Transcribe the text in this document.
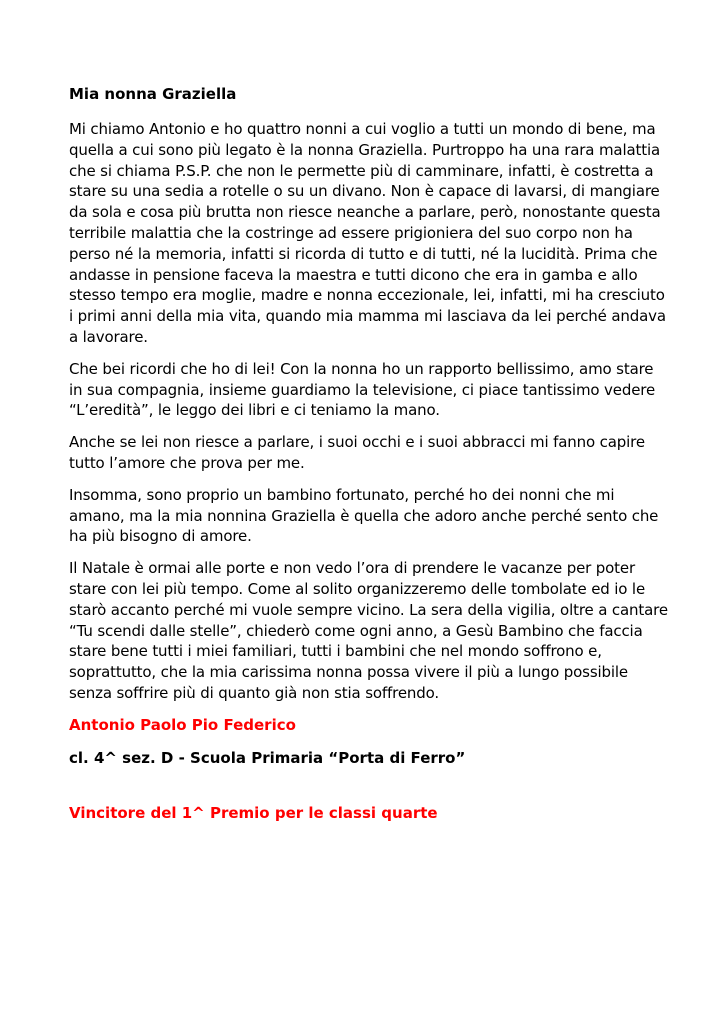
Mia nonna Graziella

Mi chiamo Antonio e ho quattro nonni a cui voglio a tutti un mondo di bene, ma quella a cui sono più legato è la nonna Graziella. Purtroppo ha una rara malattia che si chiama P.S.P. che non le permette più di camminare, infatti, è costretta a stare su una sedia a rotelle o su un divano. Non è capace di lavarsi, di mangiare da sola e cosa più brutta non riesce neanche a parlare, però, nonostante questa terribile malattia che la costringe ad essere prigioniera del suo corpo non ha perso né la memoria, infatti si ricorda di tutto e di tutti, né la lucidità. Prima che andasse in pensione faceva la maestra e tutti dicono che era in gamba e allo stesso tempo era moglie, madre e nonna eccezionale, lei, infatti, mi ha cresciuto i primi anni della mia vita, quando mia mamma mi lasciava da lei perché andava a lavorare.

Che bei ricordi che ho di lei! Con la nonna ho un rapporto bellissimo, amo stare in sua compagnia, insieme guardiamo la televisione, ci piace tantissimo vedere “L’eredità”, le leggo dei libri e ci teniamo la mano.

Anche se lei non riesce a parlare, i suoi occhi e i suoi abbracci mi fanno capire tutto l’amore che prova per me.

Insomma, sono proprio un bambino fortunato, perché ho dei nonni che mi amano, ma la mia nonnina Graziella è quella che adoro anche perché sento che ha più bisogno di amore.

Il Natale è ormai alle porte e non vedo l’ora di prendere le vacanze per poter stare con lei più tempo. Come al solito organizzeremo delle tombolate ed io le starò accanto perché mi vuole sempre vicino. La sera della vigilia, oltre a cantare “Tu scendi dalle stelle”, chiederò come ogni anno, a Gesù Bambino che faccia stare bene tutti i miei familiari, tutti i bambini che nel mondo soffrono e, soprattutto, che la mia carissima nonna possa vivere il più a lungo possibile senza soffrire più di quanto già non stia soffrendo.

Antonio Paolo Pio Federico
cl. 4^ sez. D - Scuola Primaria “Porta di Ferro”
Vincitore del 1^ Premio per le classi quarte
